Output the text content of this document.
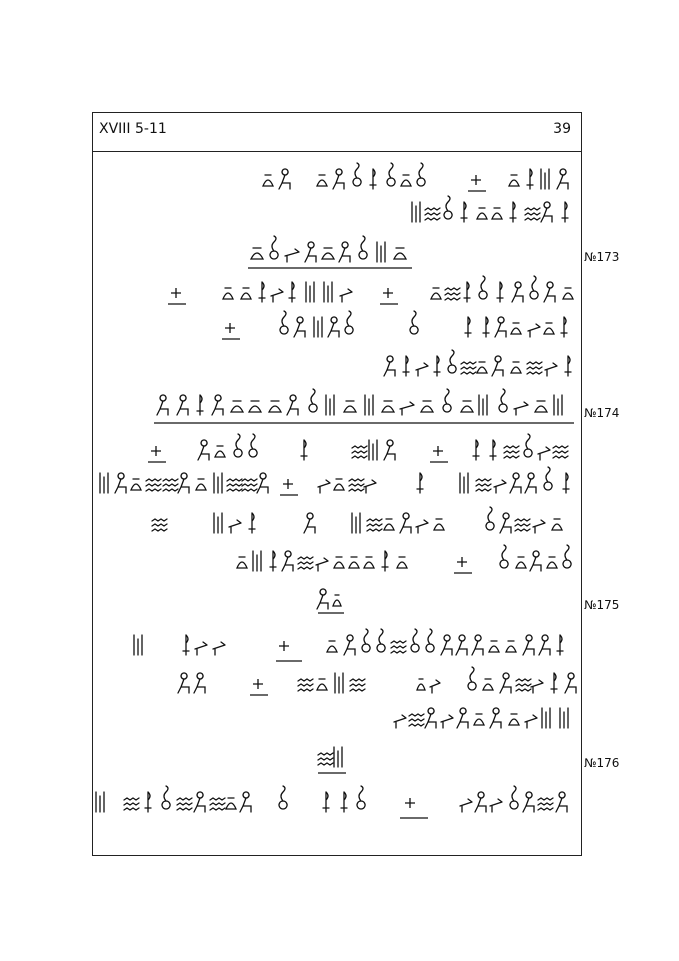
XVIII 5-11	39
№173
№174
№175
№176
